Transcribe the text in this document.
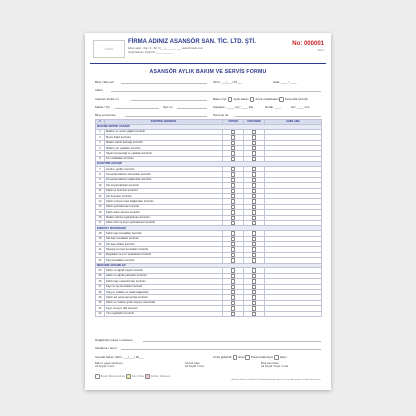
LOGO
FİRMA ADINIZ ASANSÖR SAN. TİC. LTD. ŞTİ.
Adres satırı - Ilçe / İl - Tel: 0 (___) ___ ___ ___ www.firmaniz.com
Vergi Dairesi / Vergi No: ___________
No: 000001
Seri A
ASANSÖR AYLIK BAKIM VE SERVİS FORMU
Bina / Site adı	Tarih: ___/___/ 20___	Saat: ____ / ____
Adres
Asansör kimlik no	Bakım tipi: Aylık bakım Arıza müdahalesi Periyodik hazırlık
Marka / Tip	Seri no	Kapasite: _____ kg / ____ kişi	Durak: ____	Hız: ____ m/s
Bina sorumlusu	Sorumlu tel.
#	KONTROL MADDESİ	YAPILDI	YAPILMADI	AÇIKLAMA
MAKİNE MOTOR AKSAMI				
1	Makine ve motor yağları kontrolü			
2	Motor dişlisi kontrolü			
3	Makine tahrik kasnağı kontrolü			
4	Makine yer yatakları kontrolü			
5	Saptırma kasnağı ve yatakları kontrolü			
6	Fren balataları kontrolü			
ELEKTRİK AKSAMI				
7	Gerilim, gerilim kontrolü			
8	Kumanda tablosu elemanları kontrolü			
9	Kumanda tablosu bağlantıları kontrolü			
10	Kat sinyal kabloları kontrolü			
11	Kabin içi butonları kontrolü			
12	Kat butonları kontrolü			
13	Kabin revizyon kasi bağlantıları kontrolü			
14	Kabin aydınlatması kontrolü			
15	Kabin alarm butonu kontrolü			
16	Makine dairesi aydınlatması kontrolü			
17	Kabin üstü ve kuyu aydınlatması kontrolü			
EMNİYET SİSTEMLERİ				
18	Kabin kapı kontakları kontrolü			
19	Kat kapı kontakları kontrolü			
20	Kat kapı kilitleri kontrolü			
21	Paraşüt emniyet kontakları kontrolü			
22	Regülatör ve sınır anahtarları kontrolü			
23	Stop kontakları kontrolü			
MEKANİK AKSAMLAR				
24	Kabin ve ağırlık rayları kontrolü			
25	Kabin ve ağırlık pabuçları kontrolü			
26	Kabin kapı mekanizması kontrolü			
27	Kapı ve ray konsolları kontrolü			
28	Taşıyıcı halatlar ve halat bağlantıları			
29	Kabin altı parça tamponlar kontrolü			
30	Kabin ve makine grubu taşıyıcı elemanlar			
31	Kuyu ve kuyu dibi kontrolü			
32	Yön regülatörü kontrolü			
Değiştirilen parça / malzeme
Açıklama / öneri
Sonraki bakım tarihi: ___/___/ 20___	Arıza giderildi: Evet Parça bekleniyor Hayır
Bakımı yapan teknisyen
Ad Soyad / İmza
Kontrol eden
Ad Soyad / İmza
Bina sorumlusu
Ad Soyad / Kaşe / İmza
Beyaz: Bina sorumlusu	Sarı: Firma	Pembe: Teknisyen
Asansör bakımı ve Bakım Yönetmeliği gereği ayda en az bir defa yapılır ve kayıt altına alınır.
